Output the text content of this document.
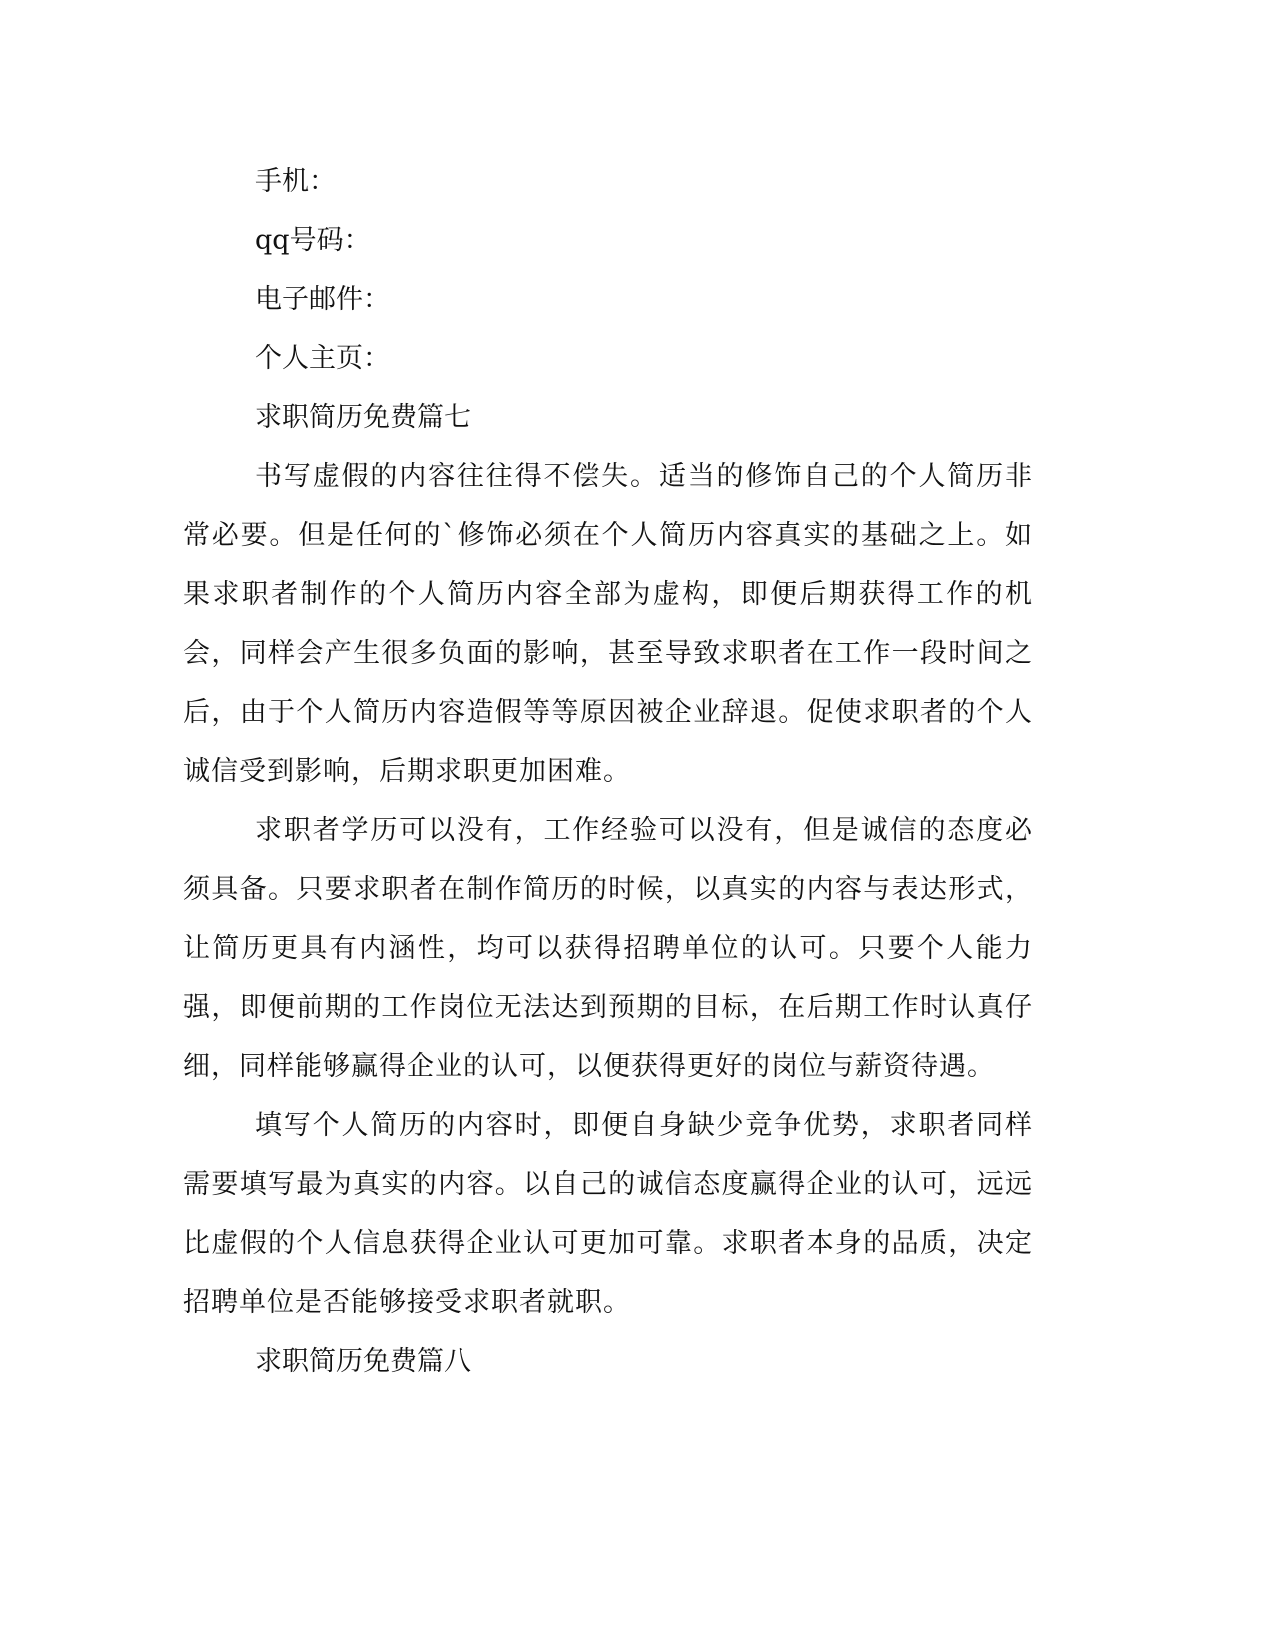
手机：

qq号码：

电子邮件：

个人主页：

求职简历免费篇七

书写虚假的内容往往得不偿失。适当的修饰自己的个人简历非常必要。但是任何的`修饰必须在个人简历内容真实的基础之上。如果求职者制作的个人简历内容全部为虚构，即便后期获得工作的机会，同样会产生很多负面的影响，甚至导致求职者在工作一段时间之后，由于个人简历内容造假等等原因被企业辞退。促使求职者的个人诚信受到影响，后期求职更加困难。

求职者学历可以没有，工作经验可以没有，但是诚信的态度必须具备。只要求职者在制作简历的时候，以真实的内容与表达形式，让简历更具有内涵性，均可以获得招聘单位的认可。只要个人能力强，即便前期的工作岗位无法达到预期的目标，在后期工作时认真仔细，同样能够赢得企业的认可，以便获得更好的岗位与薪资待遇。

填写个人简历的内容时，即便自身缺少竞争优势，求职者同样需要填写最为真实的内容。以自己的诚信态度赢得企业的认可，远远比虚假的个人信息获得企业认可更加可靠。求职者本身的品质，决定招聘单位是否能够接受求职者就职。

求职简历免费篇八
